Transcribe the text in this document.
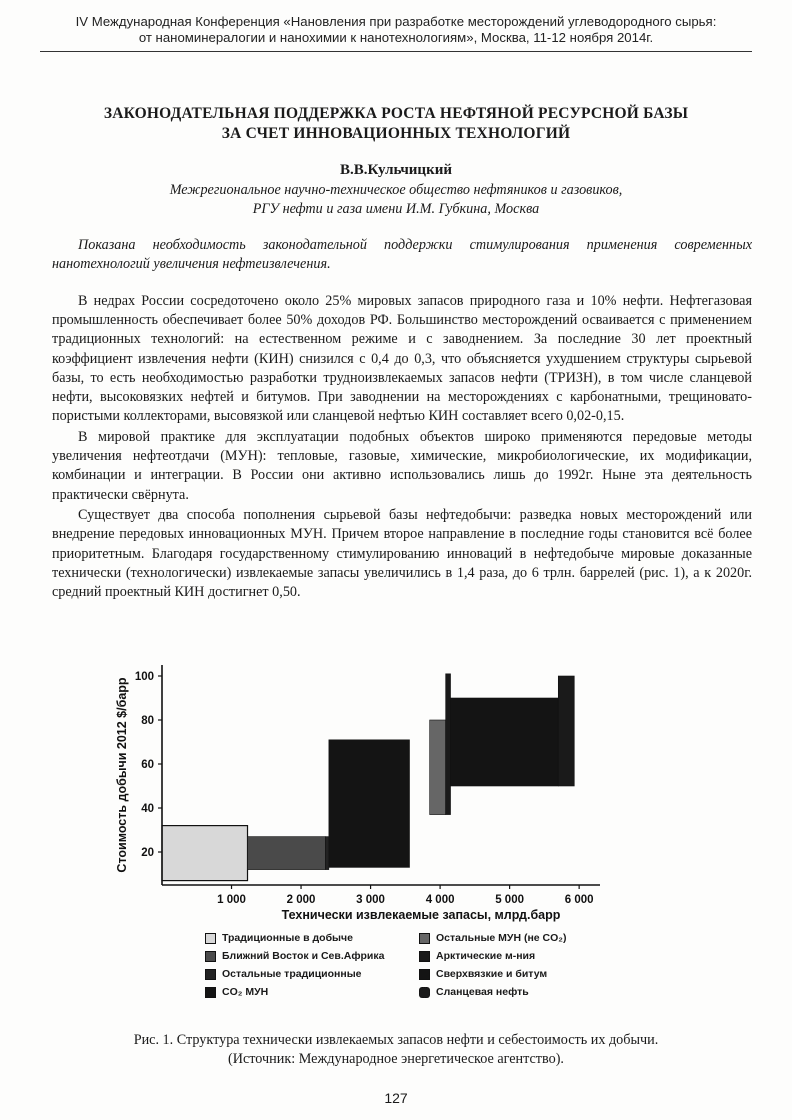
IV Международная Конференция «Нановления при разработке месторождений углеводородного сырья:
от наноминералогии и нанохимии к нанотехнологиям», Москва, 11-12 ноября 2014г.
ЗАКОНОДАТЕЛЬНАЯ ПОДДЕРЖКА РОСТА НЕФТЯНОЙ РЕСУРСНОЙ БАЗЫ
ЗА СЧЕТ ИННОВАЦИОННЫХ ТЕХНОЛОГИЙ
В.В.Кульчицкий
Межрегиональное научно-техническое общество нефтяников и газовиков,
РГУ нефти и газа имени И.М. Губкина, Москва
Показана необходимость законодательной поддержки стимулирования применения современных нанотехнологий увеличения нефтеизвлечения.

В недрах России сосредоточено около 25% мировых запасов природного газа и 10% нефти. Нефтегазовая промышленность обеспечивает более 50% доходов РФ. Большинство месторождений осваивается с применением традиционных технологий: на естественном режиме и с заводнением. За последние 30 лет проектный коэффициент извлечения нефти (КИН) снизился с 0,4 до 0,3, что объясняется ухудшением структуры сырьевой базы, то есть необходимостью разработки трудноизвлекаемых запасов нефти (ТРИЗН), в том числе сланцевой нефти, высоковязких нефтей и битумов. При заводнении на месторождениях с карбонатными, трещиновато-пористыми коллекторами, высовязкой или сланцевой нефтью КИН составляет всего 0,02-0,15.

В мировой практике для эксплуатации подобных объектов широко применяются передовые методы увеличения нефтеотдачи (МУН): тепловые, газовые, химические, микробиологические, их модификации, комбинации и интеграции. В России они активно использовались лишь до 1992г. Ныне эта деятельность практически свёрнута.

Существует два способа пополнения сырьевой базы нефтедобычи: разведка новых месторождений или внедрение передовых инновационных МУН. Причем второе направление в последние годы становится всё более приоритетным. Благодаря государственному стимулированию инноваций в нефтедобыче мировые доказанные технически (технологически) извлекаемые запасы увеличились в 1,4 раза, до 6 трлн. баррелей (рис. 1), а к 2020г. средний проектный КИН достигнет 0,50.

20
40
60
80
100
1 000	2 000	3 000	4 000	5 000	6 000
Технически извлекаемые запасы, млрд.барр
Стоимость добычи 2012 $/барр
Традиционные в добыче
Ближний Восток и Сев.Африка
Остальные традиционные
CO₂ МУН
Остальные МУН (не CO₂)
Арктические м-ния
Сверхвязкие и битум
Сланцевая нефть
Рис. 1. Структура технически извлекаемых запасов нефти и себестоимость их добычи.
(Источник: Международное энергетическое агентство).
127
